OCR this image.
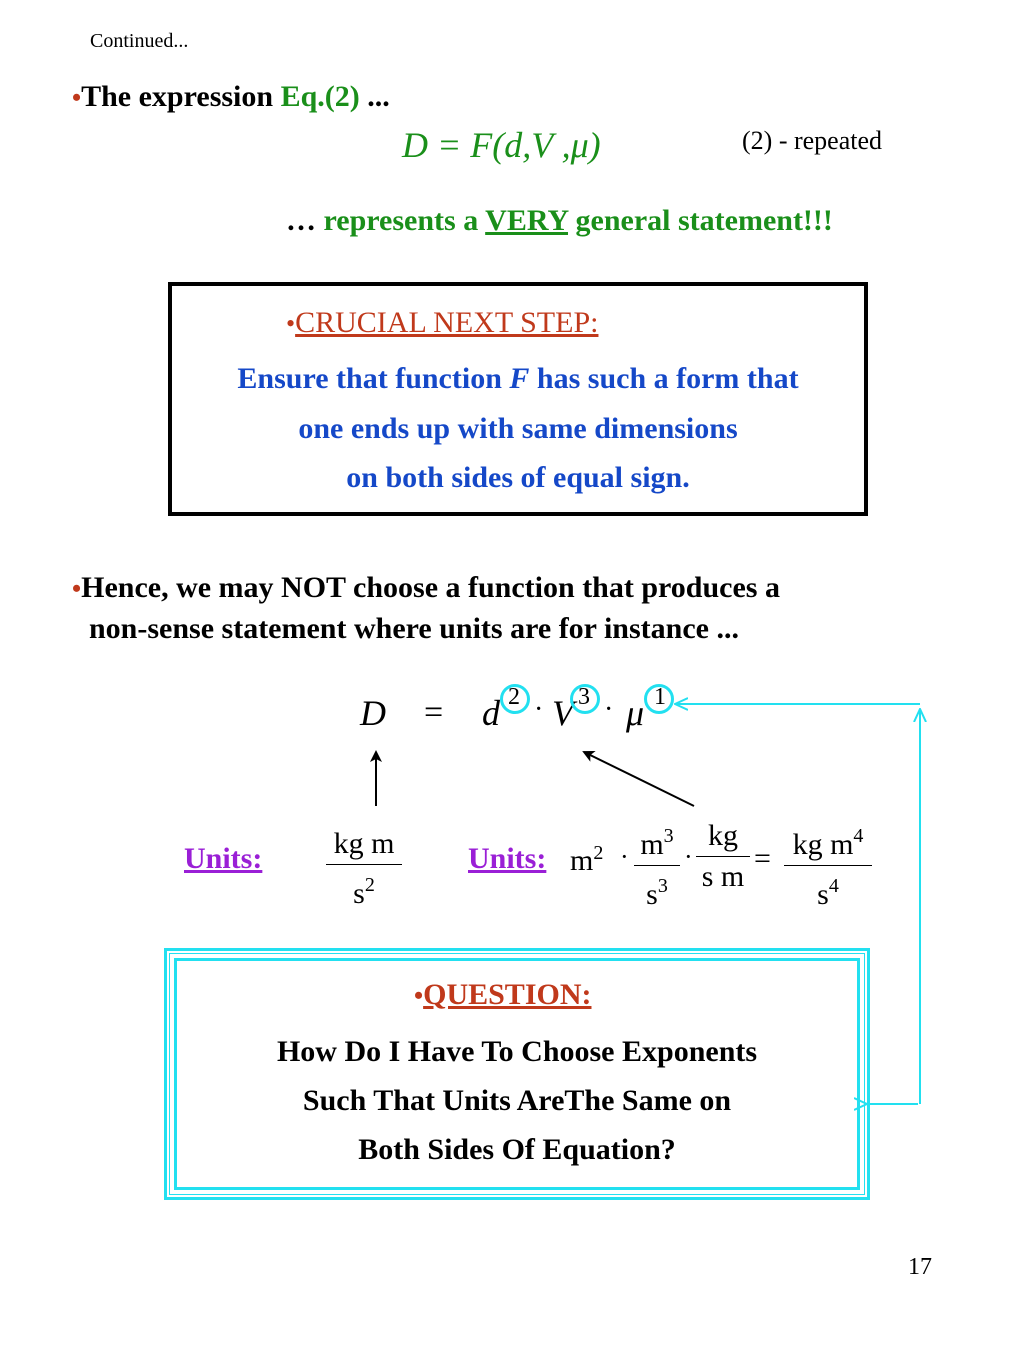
Continued...
•The expression Eq.(2) ...
D = F(d,V ,μ)	(2) - repeated
… represents a VERY general statement!!!
Ensure that function F has such a form that
one ends up with same dimensions
on both sides of equal sign.
•CRUCIAL NEXT STEP:
•Hence, we may NOT choose a function that produces a
non-sense statement where units are for instance ...
D = d 2 · V 3 · μ 1
Units: kg m
$s^2$
Units: $m^2 \cdot m^3$
$s^3$
·
kg
s m
= kg $m^4$
$s^4$
How Do I Have To Choose Exponents
Such That Units AreThe Same on
Both Sides Of Equation?
•QUESTION:
17
